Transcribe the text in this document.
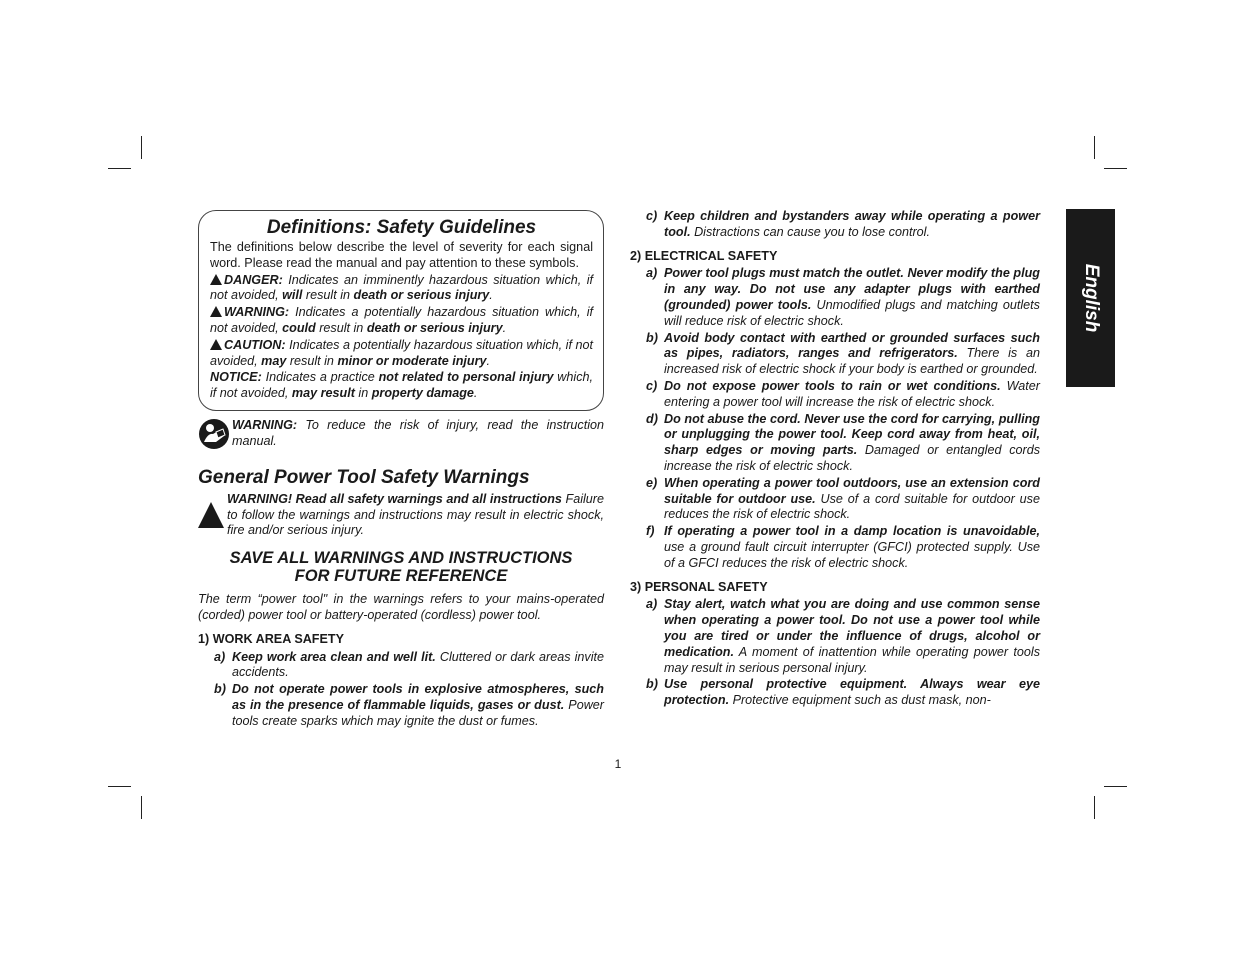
Definitions: Safety Guidelines

The definitions below describe the level of severity for each signal word. Please read the manual and pay attention to these symbols.

DANGER: Indicates an imminently hazardous situation which, if not avoided, will result in death or serious injury.

WARNING: Indicates a potentially hazardous situation which, if not avoided, could result in death or serious injury.

CAUTION: Indicates a potentially hazardous situation which, if not avoided, may result in minor or moderate injury.

NOTICE: Indicates a practice not related to personal injury which, if not avoided, may result in property damage.

WARNING: To reduce the risk of injury, read the instruction manual.

General Power Tool Safety Warnings

WARNING! Read all safety warnings and all instructions Failure to follow the warnings and instructions may result in electric shock, fire and/or serious injury.

SAVE ALL WARNINGS AND INSTRUCTIONS
FOR FUTURE REFERENCE

The term “power tool" in the warnings refers to your mains-operated (corded) power tool or battery-operated (cordless) power tool.

1) WORK AREA SAFETY
a) Keep work area clean and well lit. Cluttered or dark areas invite accidents.
b) Do not operate power tools in explosive atmospheres, such as in the presence of flammable liquids, gases or dust. Power tools create sparks which may ignite the dust or fumes.
c) Keep children and bystanders away while operating a power tool. Distractions can cause you to lose control.
2) ELECTRICAL SAFETY
a) Power tool plugs must match the outlet. Never modify the plug in any way. Do not use any adapter plugs with earthed (grounded) power tools. Unmodified plugs and matching outlets will reduce risk of electric shock.
b) Avoid body contact with earthed or grounded surfaces such as pipes, radiators, ranges and refrigerators. There is an increased risk of electric shock if your body is earthed or grounded.
c) Do not expose power tools to rain or wet conditions. Water entering a power tool will increase the risk of electric shock.
d) Do not abuse the cord. Never use the cord for carrying, pulling or unplugging the power tool. Keep cord away from heat, oil, sharp edges or moving parts. Damaged or entangled cords increase the risk of electric shock.
e) When operating a power tool outdoors, use an extension cord suitable for outdoor use. Use of a cord suitable for outdoor use reduces the risk of electric shock.
f) If operating a power tool in a damp location is unavoidable, use a ground fault circuit interrupter (GFCI) protected supply. Use of a GFCI reduces the risk of electric shock.
3) PERSONAL SAFETY
a) Stay alert, watch what you are doing and use common sense when operating a power tool. Do not use a power tool while you are tired or under the influence of drugs, alcohol or medication. A moment of inattention while operating power tools may result in serious personal injury.
b) Use personal protective equipment. Always wear eye protection. Protective equipment such as dust mask, non-
English
1
